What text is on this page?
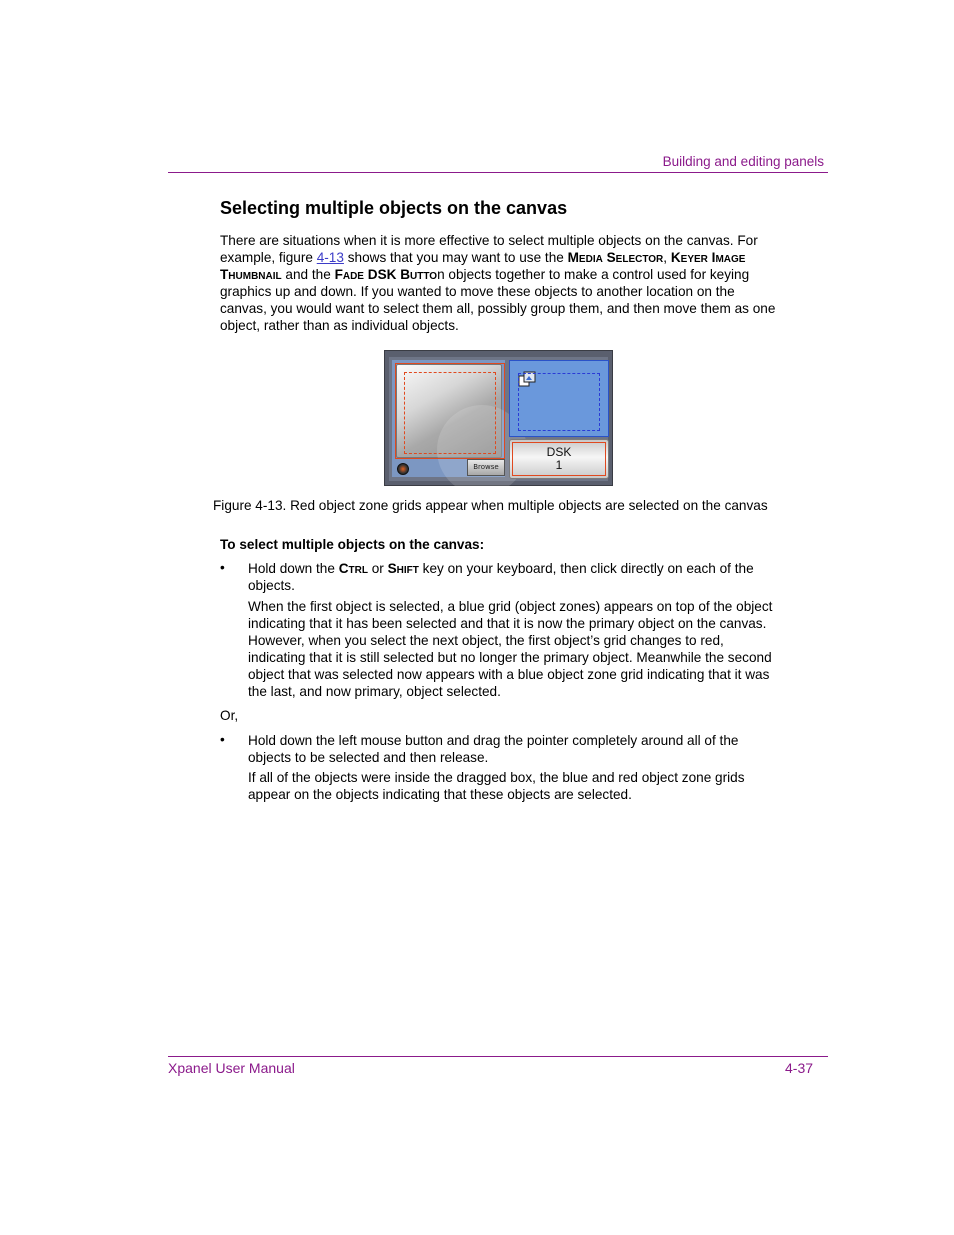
Building and editing panels
Selecting multiple objects on the canvas
There are situations when it is more effective to select multiple objects on the canvas. For example, figure 4-13 shows that you may want to use the Media Selector, Keyer Image Thumbnail and the Fade DSK Button objects together to make a control used for keying graphics up and down. If you wanted to move these objects to another location on the canvas, you would want to select them all, possibly group them, and then move them as one object, rather than as individual objects.
Browse
DSK
1
Figure 4-13. Red object zone grids appear when multiple objects are selected on the canvas
To select multiple objects on the canvas:
• Hold down the Ctrl or Shift key on your keyboard, then click directly on each of the objects.
When the first object is selected, a blue grid (object zones) appears on top of the object indicating that it has been selected and that it is now the primary object on the canvas. However, when you select the next object, the first object’s grid changes to red, indicating that it is still selected but no longer the primary object. Meanwhile the second object that was selected now appears with a blue object zone grid indicating that it was the last, and now primary, object selected.
Or,
• Hold down the left mouse button and drag the pointer completely around all of the objects to be selected and then release.
If all of the objects were inside the dragged box, the blue and red object zone grids appear on the objects indicating that these objects are selected.
Xpanel User Manual	4-37
